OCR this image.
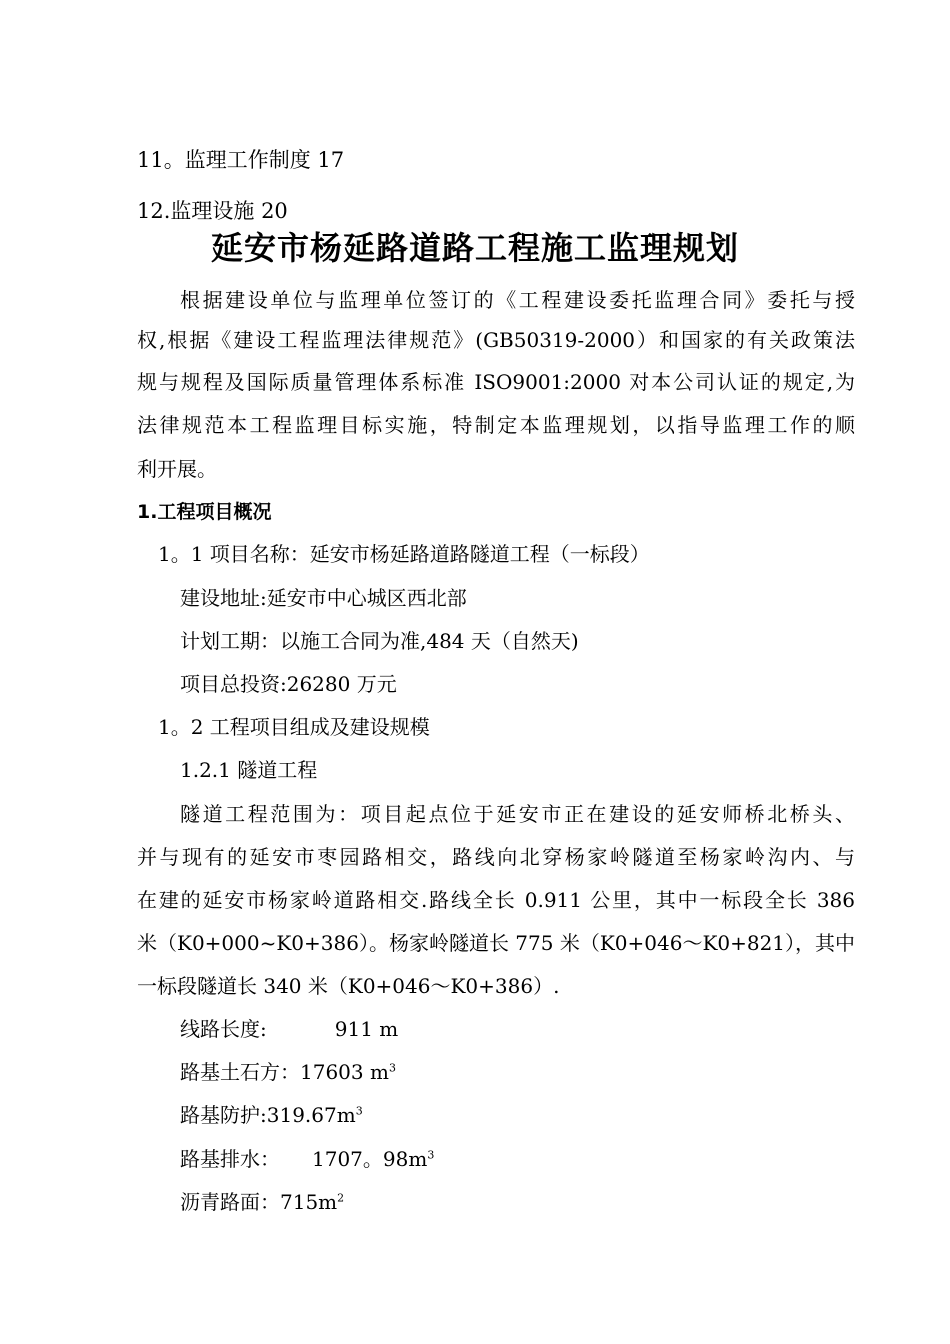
11。监理工作制度 17
12.监理设施 20
延安市杨延路道路工程施工监理规划
根据建设单位与监理单位签订的《工程建设委托监理合同》委托与授
权,根据《建设工程监理法律规范》(GB50319-2000）和国家的有关政策法
规与规程及国际质量管理体系标准 ISO9001:2000 对本公司认证的规定,为
法律规范本工程监理目标实施，特制定本监理规划，以指导监理工作的顺
利开展。
1.工程项目概况
1。1 项目名称：延安市杨延路道路隧道工程（一标段）
建设地址:延安市中心城区西北部
计划工期：以施工合同为准,484 天（自然天)
项目总投资:26280 万元
1。2 工程项目组成及建设规模
1.2.1 隧道工程
隧道工程范围为：项目起点位于延安市正在建设的延安师桥北桥头、
并与现有的延安市枣园路相交，路线向北穿杨家岭隧道至杨家岭沟内、与
在建的延安市杨家岭道路相交.路线全长 0.911 公里，其中一标段全长 386
米（K0+000~K0+386）。杨家岭隧道长 775 米（K0+046～K0+821），其中
一标段隧道长 340 米（K0+046～K0+386）.
线路长度:	911 m
路基土石方：17603 $m^3$
路基防护$:319.67m^3$
路基排水： 1707。$98m^3$
沥青路面：$715m^2$
